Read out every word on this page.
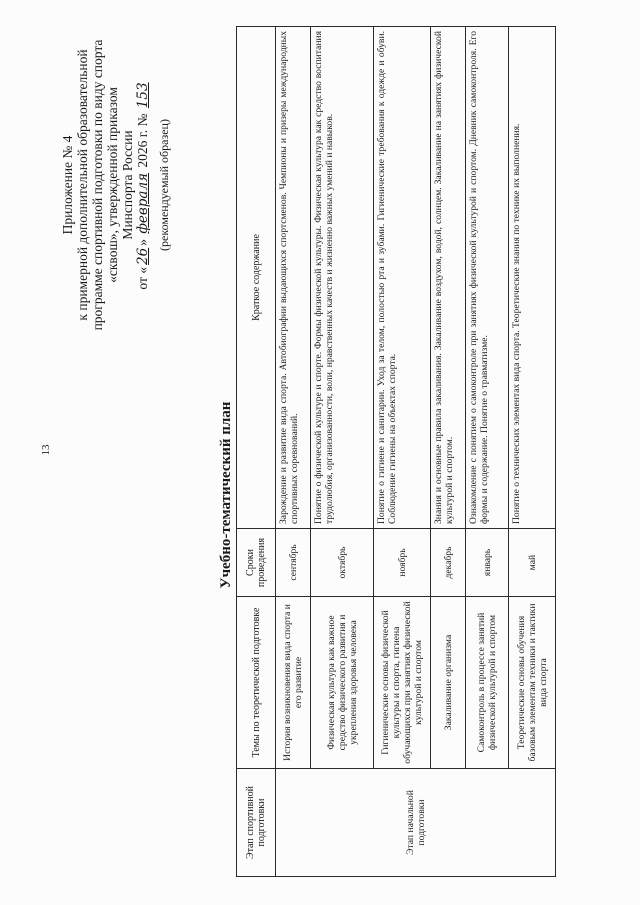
13
Приложение № 4 к примерной дополнительной образовательной программе спортивной подготовки по виду спорта «сквош», утвержденной приказом Минспорта России
от «26» февраля 2026 г. № 153
(рекомендуемый образец)
Учебно-тематический план
Этап спортивной подготовки	Темы по теоретической подготовке	Сроки проведения	Краткое содержание
Этап начальной подготовки	История возникновения вида спорта и его развитие	сентябрь	Зарождение и развитие вида спорта. Автобиографии выдающихся спортсменов. Чемпионы и призеры международных спортивных соревнований.
	Физическая культура как важное средство физического развития и укрепления здоровья человека	октябрь	Понятие о физической культуре и спорте. Формы физической культуры. Физическая культура как средство воспитания трудолюбия, организованности, воли, нравственных качеств и жизненно важных умений и навыков.
	Гигиенические основы физической культуры и спорта, гигиена обучающихся при занятиях физической культурой и спортом	ноябрь	Понятие о гигиене и санитарии. Уход за телом, полостью рта и зубами. Гигиенические требования к одежде и обуви. Соблюдение гигиены на объектах спорта.
	Закаливание организма	декабрь	Знания и основные правила закаливания. Закаливание воздухом, водой, солнцем. Закаливание на занятиях физической культурой и спортом.
	Самоконтроль в процессе занятий физической культурой и спортом	январь	Ознакомление с понятием о самоконтроле при занятиях физической культурой и спортом. Дневник самоконтроля. Его формы и содержание. Понятие о травматизме.
	Теоретические основы обучения базовым элементам техники и тактики вида спорта	май	Понятие о технических элементах вида спорта. Теоретические знания по технике их выполнения.
